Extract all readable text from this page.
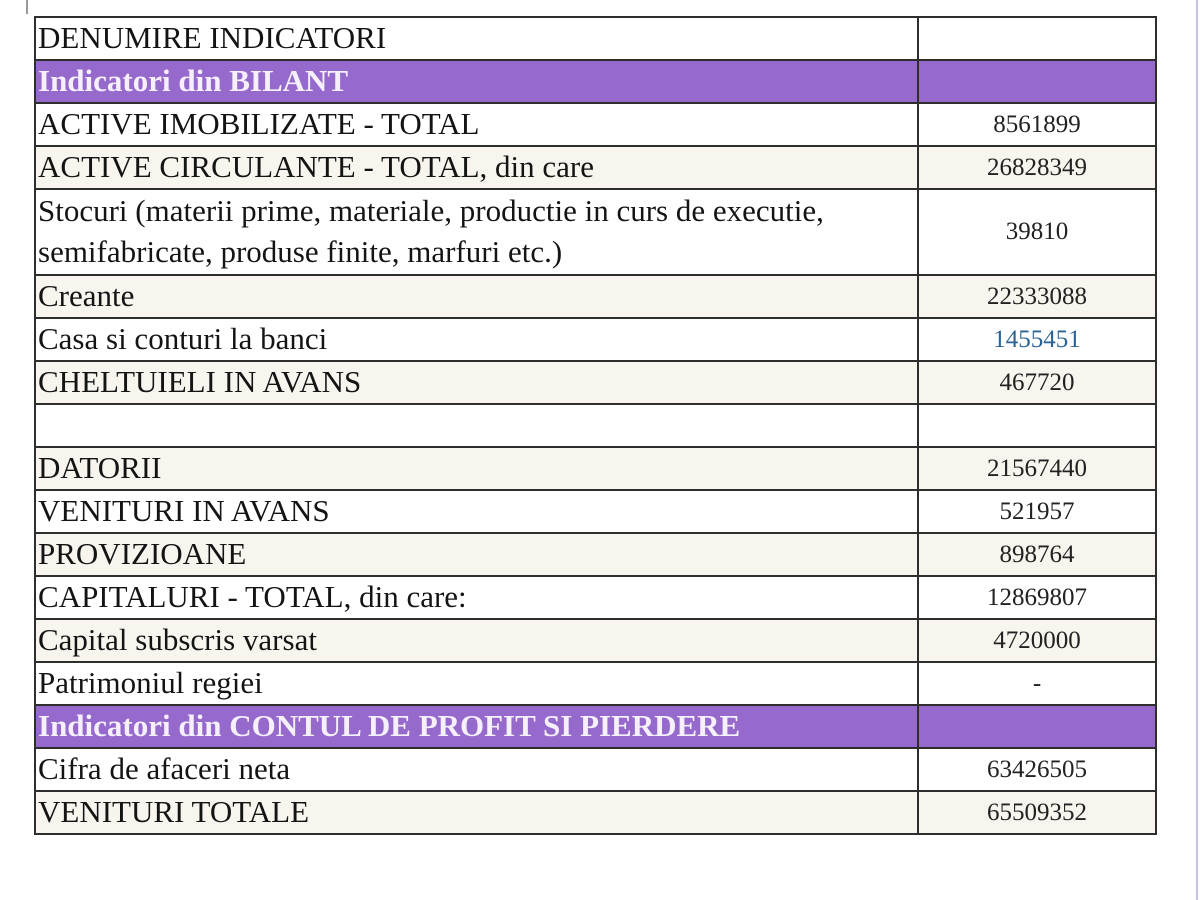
DENUMIRE INDICATORI	
Indicatori din BILANT	
ACTIVE IMOBILIZATE - TOTAL	8561899
ACTIVE CIRCULANTE - TOTAL, din care	26828349
Stocuri (materii prime, materiale, productie in curs de executie, semifabricate, produse finite, marfuri etc.)	39810
Creante	22333088
Casa si conturi la banci	1455451
CHELTUIELI IN AVANS	467720

DATORII	21567440
VENITURI IN AVANS	521957
PROVIZIOANE	898764
CAPITALURI - TOTAL, din care:	12869807
Capital subscris varsat	4720000
Patrimoniul regiei	-
Indicatori din CONTUL DE PROFIT SI PIERDERE	
Cifra de afaceri neta	63426505
VENITURI TOTALE	65509352
